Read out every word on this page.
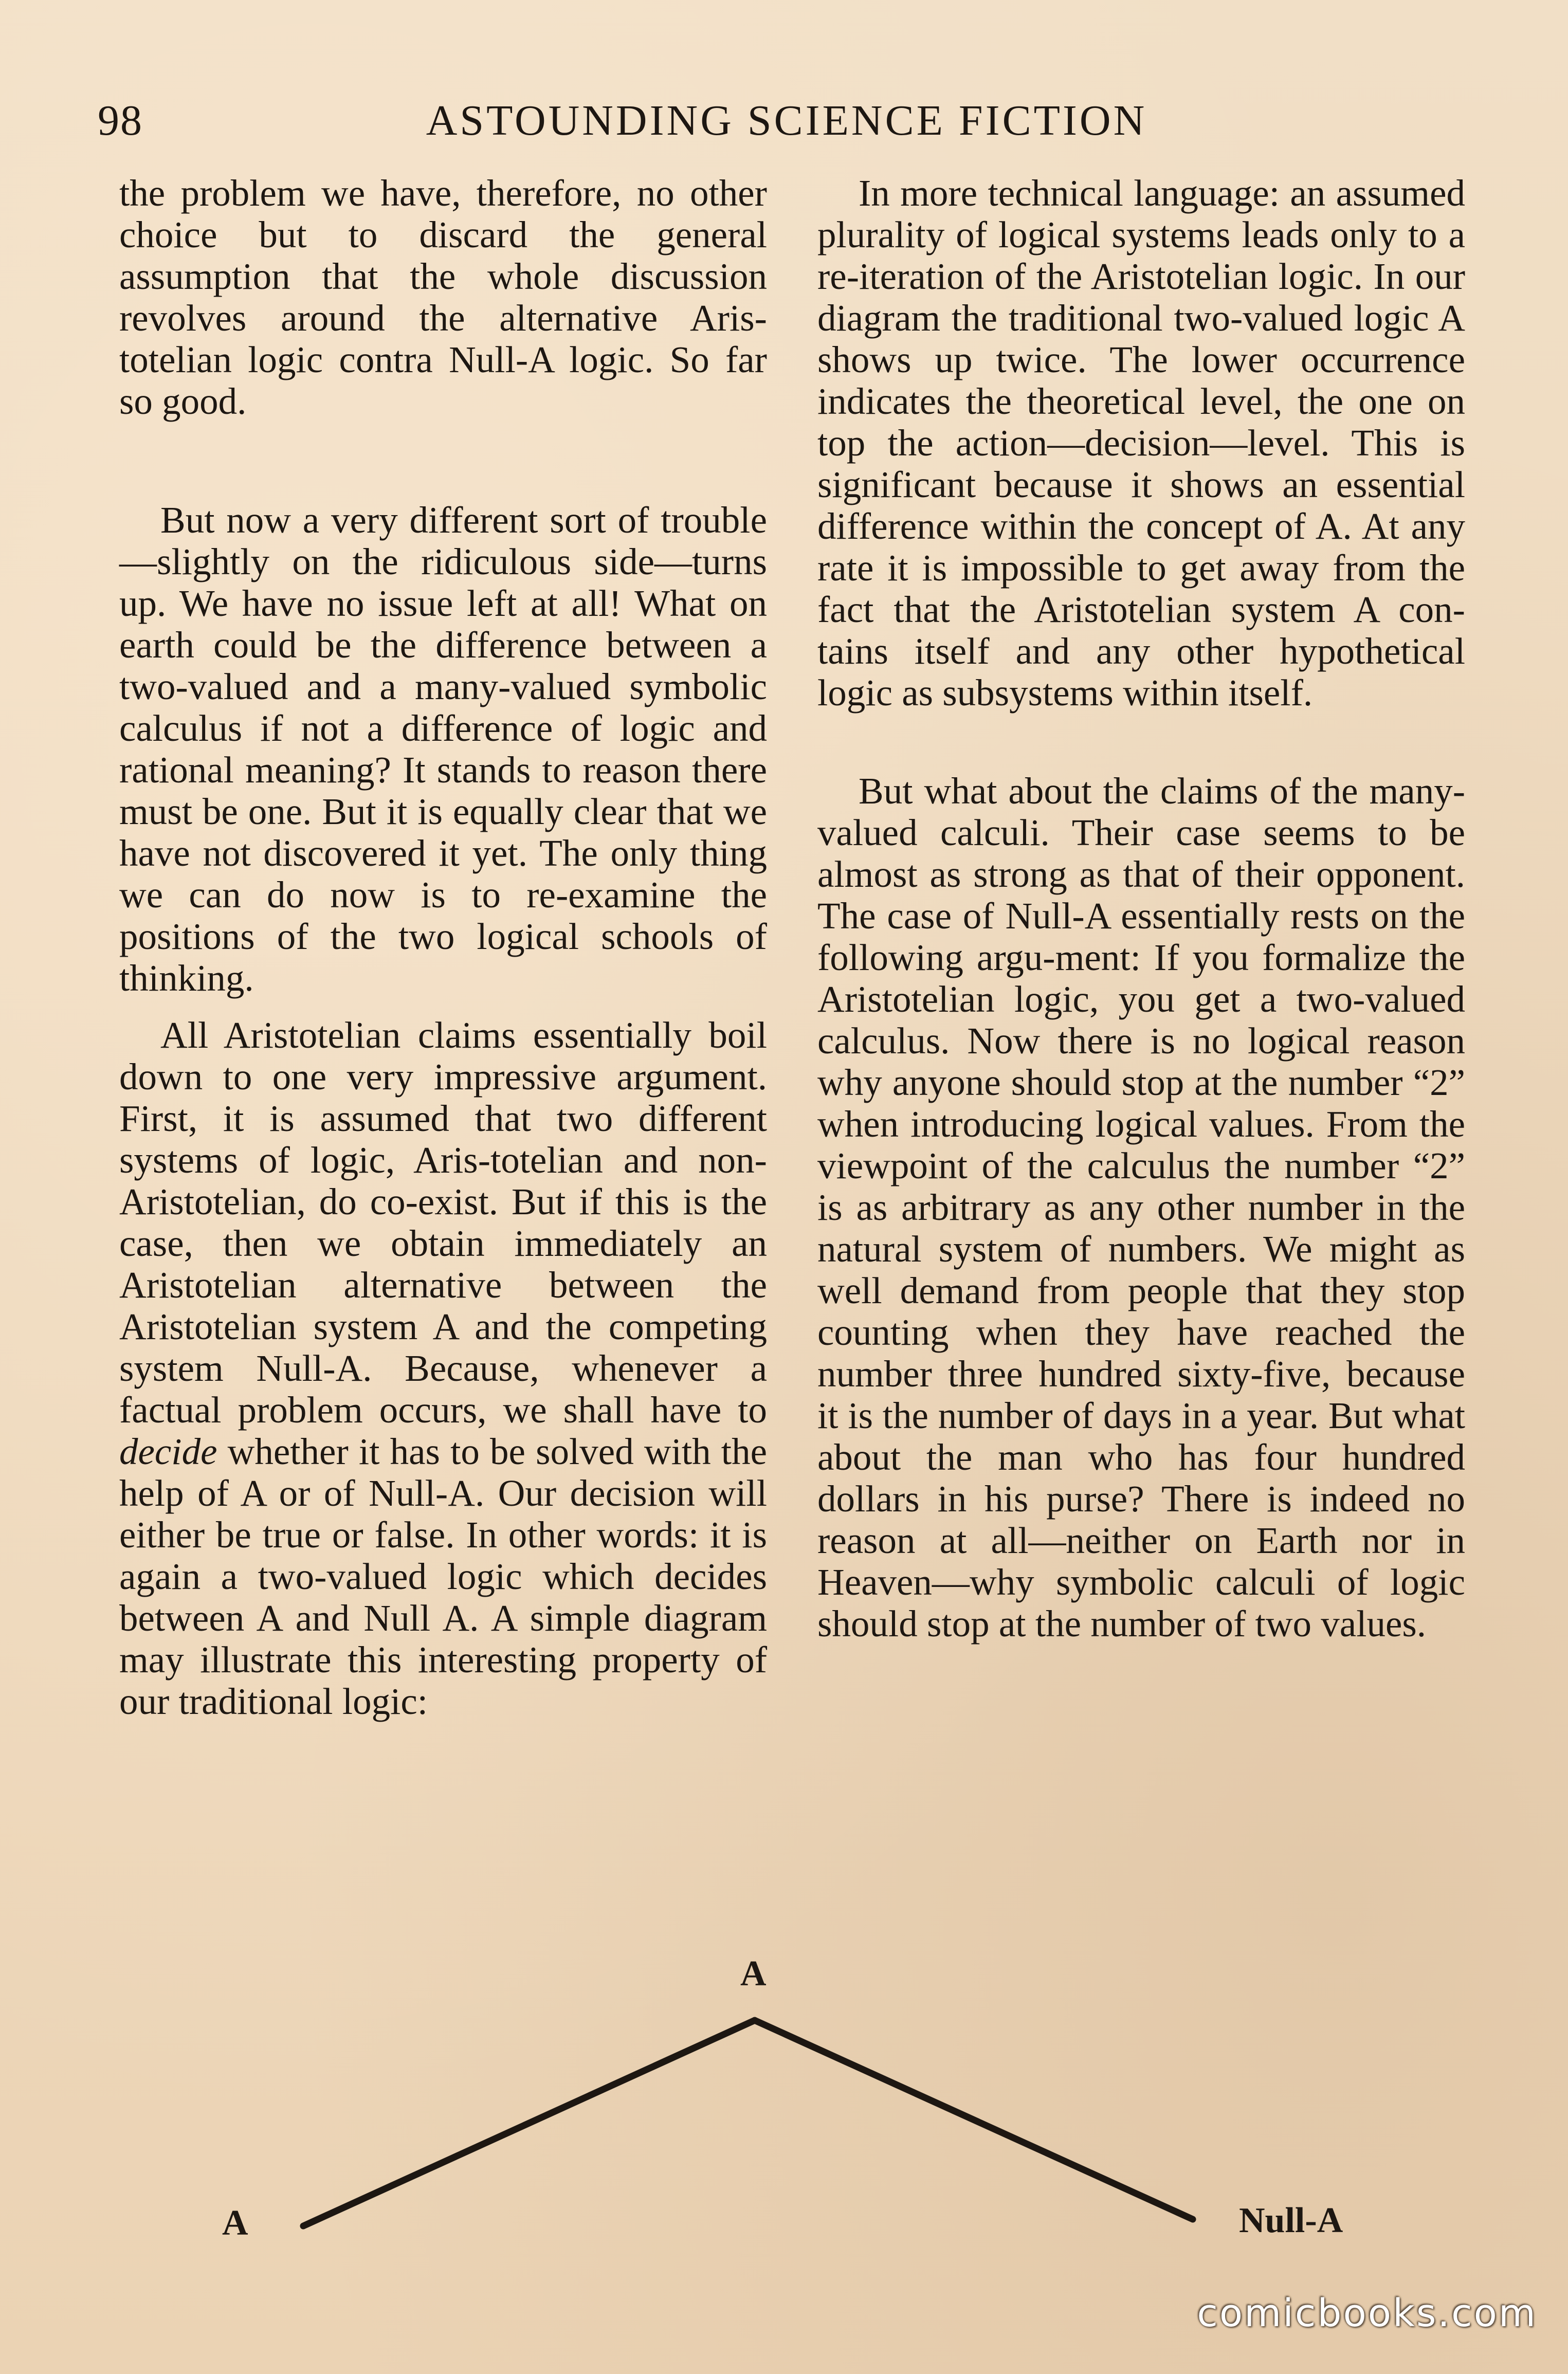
98	ASTOUNDING SCIENCE FICTION

the problem we have, therefore, no other choice but to discard the general assumption that the whole discussion revolves around the alternative Aris-totelian logic contra Null-A logic. So far so good.

But now a very different sort of trouble—slightly on the ridiculous side—turns up. We have no issue left at all! What on earth could be the difference between a two-valued and a many-valued symbolic calculus if not a difference of logic and rational meaning? It stands to reason there must be one. But it is equally clear that we have not discovered it yet. The only thing we can do now is to re-examine the positions of the two logical schools of thinking.

All Aristotelian claims essentially boil down to one very impressive argument. First, it is assumed that two different systems of logic, Aris-totelian and non-Aristotelian, do co-exist. But if this is the case, then we obtain immediately an Aristotelian alternative between the Aristotelian system A and the competing system Null-A. Because, whenever a factual problem occurs, we shall have to decide whether it has to be solved with the help of A or of Null-A. Our decision will either be true or false. In other words: it is again a two-valued logic which decides between A and Null A. A simple diagram may illustrate this interesting property of our traditional logic:

In more technical language: an assumed plurality of logical systems leads only to a re-iteration of the Aristotelian logic. In our diagram the traditional two-valued logic A shows up twice. The lower occurrence indicates the theoretical level, the one on top the action—decision—level. This is significant because it shows an essential difference within the concept of A. At any rate it is impossible to get away from the fact that the Aristotelian system A con-tains itself and any other hypothetical logic as subsystems within itself.

But what about the claims of the many-valued calculi. Their case seems to be almost as strong as that of their opponent. The case of Null-A essentially rests on the following argu-ment: If you formalize the Aristotelian logic, you get a two-valued calculus. Now there is no logical reason why anyone should stop at the number “2” when introducing logical values. From the viewpoint of the calculus the number “2” is as arbitrary as any other number in the natural system of numbers. We might as well demand from people that they stop counting when they have reached the number three hundred sixty-five, because it is the number of days in a year. But what about the man who has four hundred dollars in his purse? There is indeed no reason at all—neither on Earth nor in Heaven—why symbolic calculi of logic should stop at the number of two values.

A
A	Null-A
comicbooks.com
